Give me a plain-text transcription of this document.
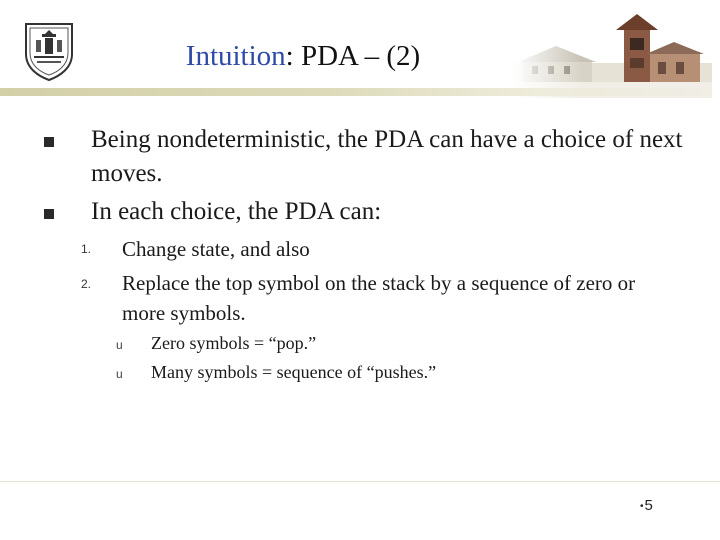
Intuition: PDA – (2)
Being nondeterministic, the PDA can have a choice of next moves.
In each choice, the PDA can:
1. Change state, and also
2. Replace the top symbol on the stack by a sequence of zero or more symbols.
u Zero symbols = “pop.”
u Many symbols = sequence of “pushes.”
•5
